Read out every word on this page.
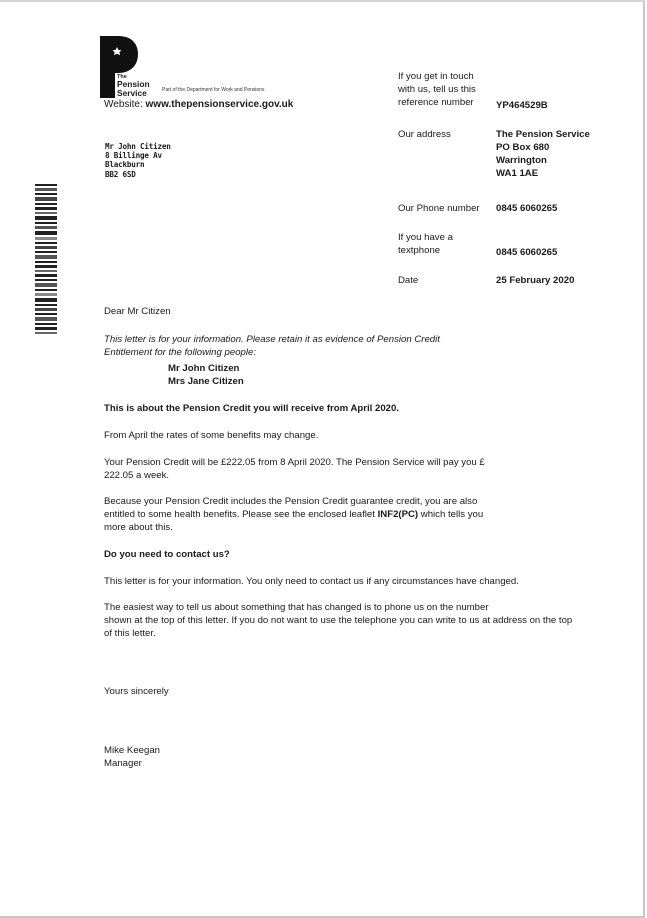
The
Pension
Service	Part of the Department for Work and Pensions
Website: www.thepensionservice.gov.uk
If you get in touch
with us, tell us this
reference number	YP464529B
Our address	The Pension Service
PO Box 680
Warrington
WA1 1AE
Our Phone number	0845 6060265
If you have a
textphone	0845 6060265
Date	25 February 2020
Mr John Citizen
8 Billinge Av
Blackburn
BB2 6SD
Dear Mr Citizen
This letter is for your information. Please retain it as evidence of Pension Credit
Entitlement for the following people:
Mr John Citizen
Mrs Jane Citizen
This is about the Pension Credit you will receive from April 2020.
From April the rates of some benefits may change.
Your Pension Credit will be £222.05 from 8 April 2020. The Pension Service will pay you £
222.05 a week.
Because your Pension Credit includes the Pension Credit guarantee credit, you are also
entitled to some health benefits. Please see the enclosed leaflet INF2(PC) which tells you
more about this.
Do you need to contact us?
This letter is for your information. You only need to contact us if any circumstances have changed.
The easiest way to tell us about something that has changed is to phone us on the number
shown at the top of this letter. If you do not want to use the telephone you can write to us at address on the top
of this letter.
Yours sincerely
Mike Keegan
Manager
